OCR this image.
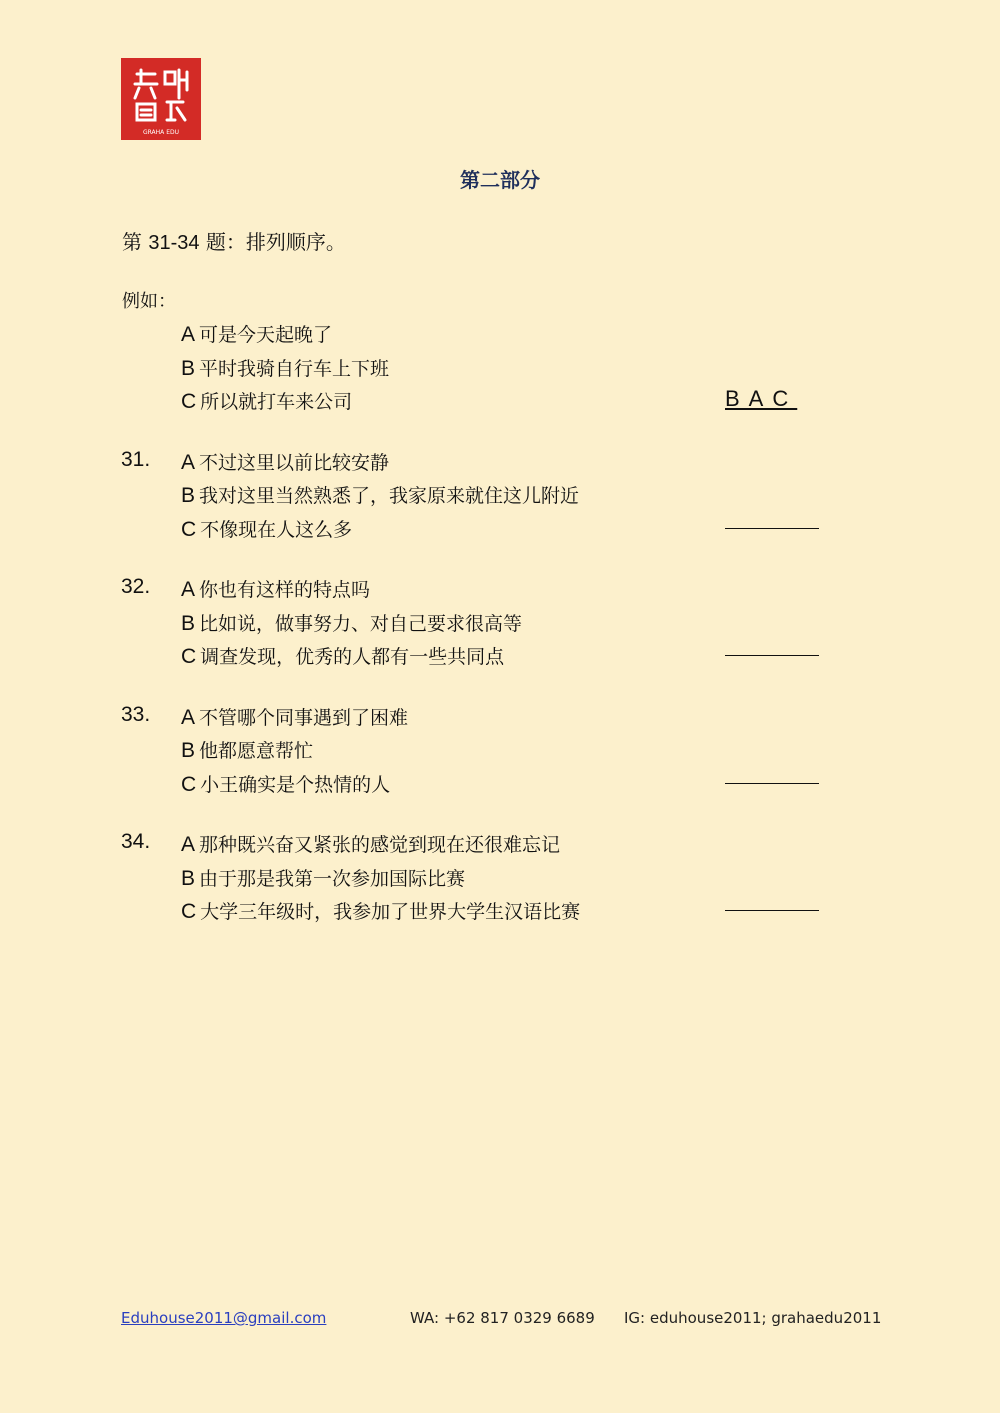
GRAHA EDU
第二部分
第 31-34 题：排列顺序。
例如：
A 可是今天起晚了
B 平时我骑自行车上下班
C 所以就打车来公司	BAC
31. A 不过这里以前比较安静
B 我对这里当然熟悉了，我家原来就住这儿附近
C 不像现在人这么多
32. A 你也有这样的特点吗
B 比如说，做事努力、对自己要求很高等
C 调查发现，优秀的人都有一些共同点
33. A 不管哪个同事遇到了困难
B 他都愿意帮忙
C 小王确实是个热情的人
34. A 那种既兴奋又紧张的感觉到现在还很难忘记
B 由于那是我第一次参加国际比赛
C 大学三年级时，我参加了世界大学生汉语比赛
Eduhouse2011@gmail.com	WA: +62 817 0329 6689 IG: eduhouse2011; grahaedu2011
